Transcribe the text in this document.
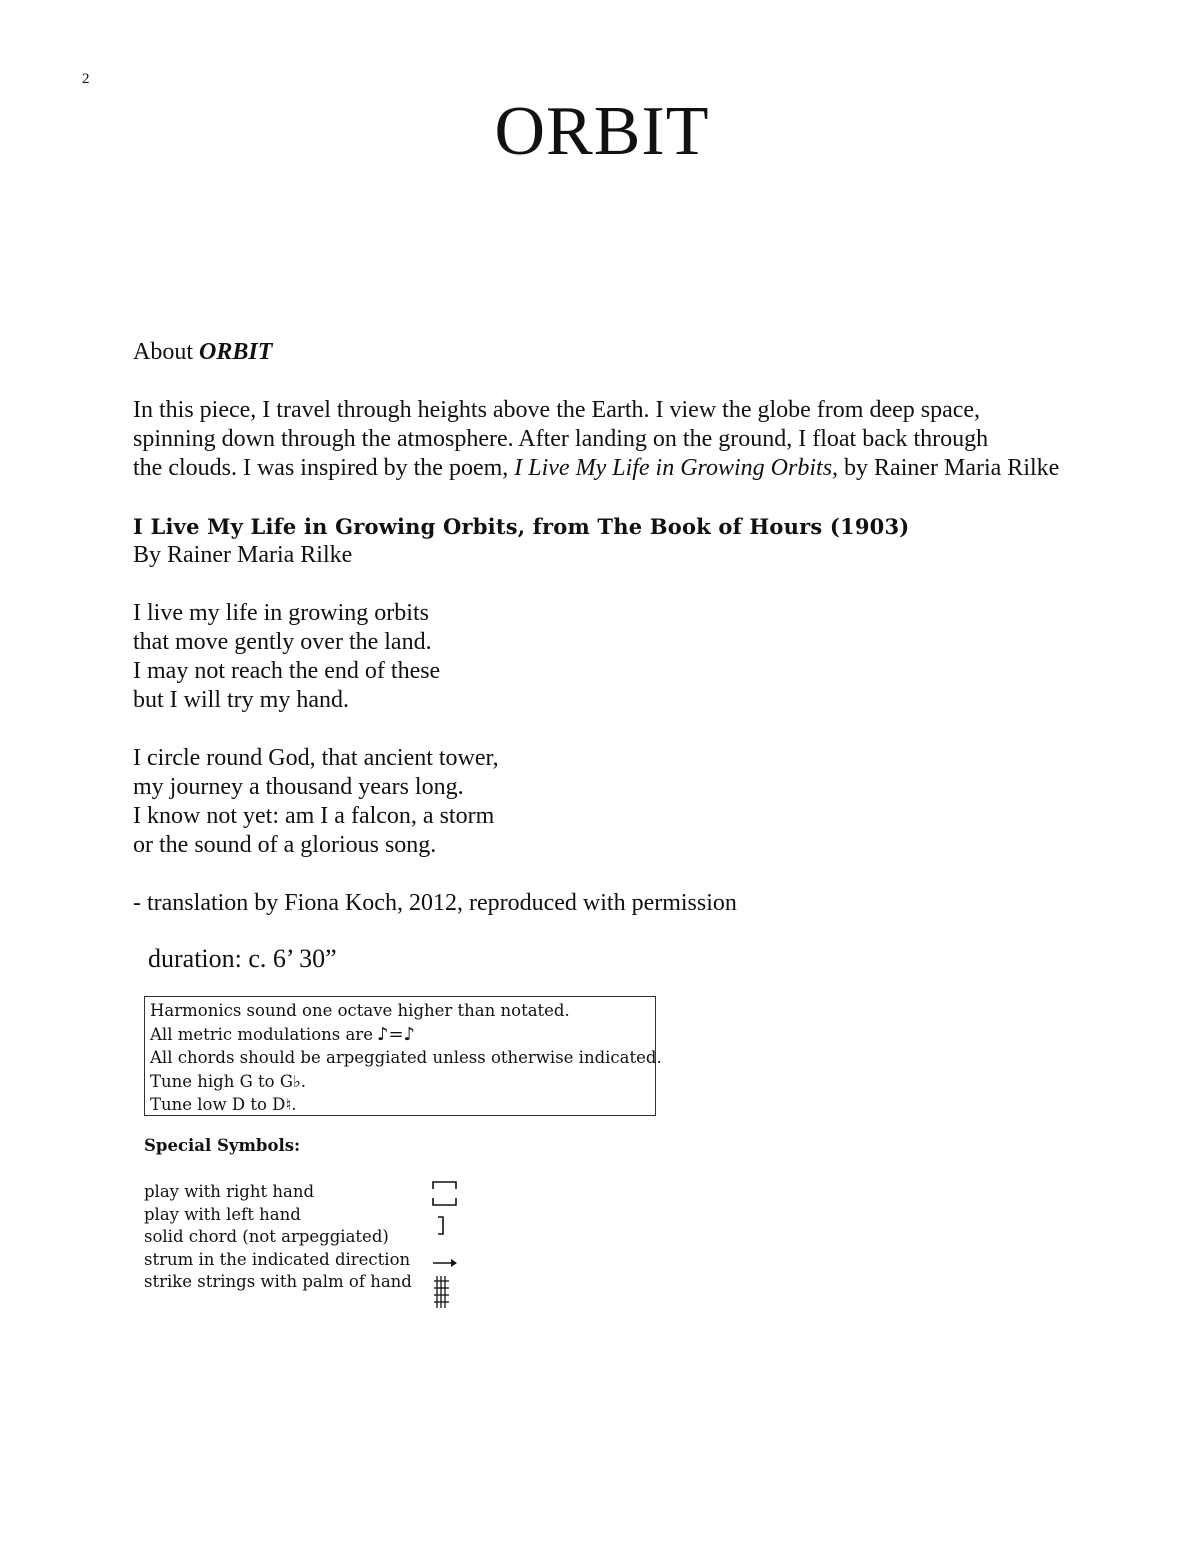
2
ORBIT

About ORBIT

In this piece, I travel through heights above the Earth. I view the globe from deep space,
spinning down through the atmosphere. After landing on the ground, I float back through
the clouds. I was inspired by the poem, I Live My Life in Growing Orbits, by Rainer Maria Rilke

I Live My Life in Growing Orbits, from The Book of Hours (1903)

By Rainer Maria Rilke

I live my life in growing orbits
that move gently over the land.
I may not reach the end of these
but I will try my hand.

I circle round God, that ancient tower,
my journey a thousand years long.
I know not yet: am I a falcon, a storm
or the sound of a glorious song.

- translation by Fiona Koch, 2012, reproduced with permission

duration: c. 6’ 30”
Harmonics sound one octave higher than notated.
All metric modulations are ♪=♪
All chords should be arpeggiated unless otherwise indicated.
Tune high G to G♭.
Tune low D to D♮.
Special Symbols:
play with right hand
play with left hand
solid chord (not arpeggiated)
strum in the indicated direction
strike strings with palm of hand
